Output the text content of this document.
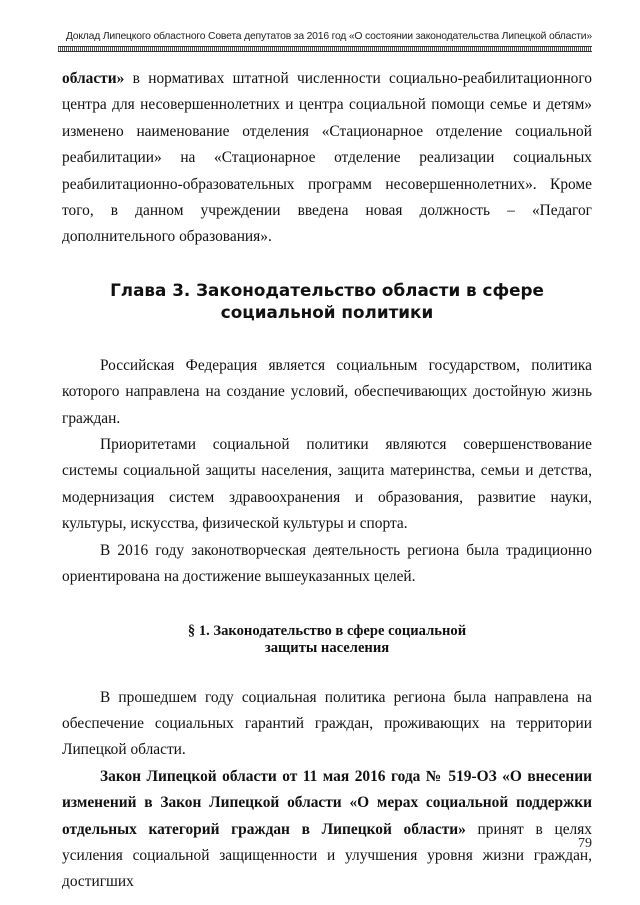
Доклад Липецкого областного Совета депутатов за 2016 год «О состоянии законодательства Липецкой области»

области» в нормативах штатной численности социально-реабилитационного центра для несовершеннолетних и центра социальной помощи семье и детям» изменено наименование отделения «Стационарное отделение социальной реабилитации» на «Стационарное отделение реализации социальных реабилитационно-образовательных программ несовершеннолетних». Кроме того, в данном учреждении введена новая должность – «Педагог дополнительного образования».

Глава 3. Законодательство области в сфере
социальной политики

Российская Федерация является социальным государством, политика которого направлена на создание условий, обеспечивающих достойную жизнь граждан.

Приоритетами социальной политики являются совершенствование системы социальной защиты населения, защита материнства, семьи и детства, модернизация систем здравоохранения и образования, развитие науки, культуры, искусства, физической культуры и спорта.

В 2016 году законотворческая деятельность региона была традиционно ориентирована на достижение вышеуказанных целей.

§ 1. Законодательство в сфере социальной
защиты населения

В прошедшем году социальная политика региона была направлена на обеспечение социальных гарантий граждан, проживающих на территории Липецкой области.

Закон Липецкой области от 11 мая 2016 года № 519-ОЗ «О внесении изменений в Закон Липецкой области «О мерах социальной поддержки отдельных категорий граждан в Липецкой области» принят в целях усиления социальной защищенности и улучшения уровня жизни граждан, достигших

79
